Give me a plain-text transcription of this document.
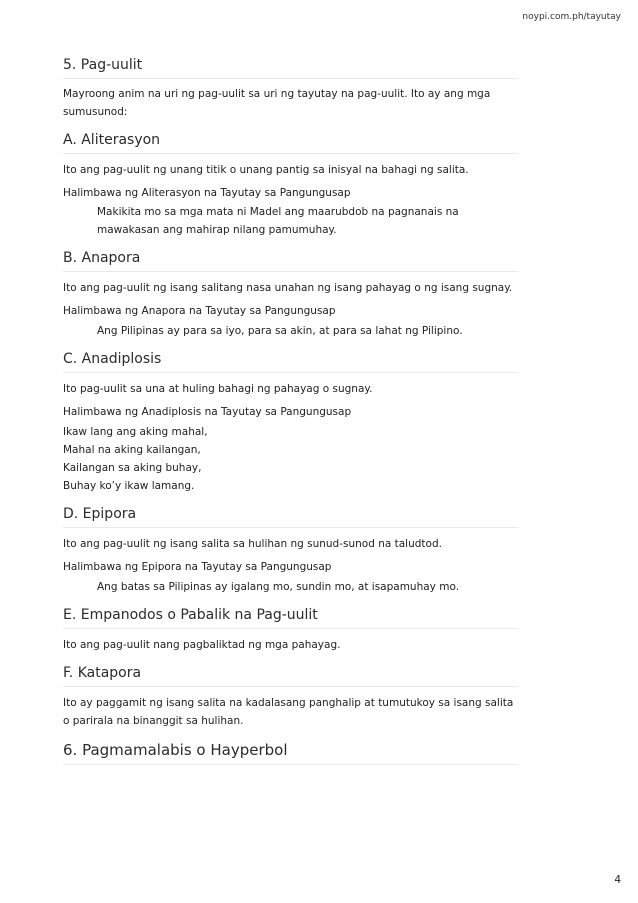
noypi.com.ph/tayutay
5. Pag-uulit

Mayroong anim na uri ng pag-uulit sa uri ng tayutay na pag-uulit. Ito ay ang mga sumusunod:

A. Aliterasyon

Ito ang pag-uulit ng unang titik o unang pantig sa inisyal na bahagi ng salita.

Halimbawa ng Aliterasyon na Tayutay sa Pangungusap

Makikita mo sa mga mata ni Madel ang maarubdob na pagnanais na mawakasan ang mahirap nilang pamumuhay.

B. Anapora

Ito ang pag-uulit ng isang salitang nasa unahan ng isang pahayag o ng isang sugnay.

Halimbawa ng Anapora na Tayutay sa Pangungusap

Ang Pilipinas ay para sa iyo, para sa akin, at para sa lahat ng Pilipino.

C. Anadiplosis

Ito pag-uulit sa una at huling bahagi ng pahayag o sugnay.

Halimbawa ng Anadiplosis na Tayutay sa Pangungusap

Ikaw lang ang aking mahal,

Mahal na aking kailangan,

Kailangan sa aking buhay,

Buhay ko’y ikaw lamang.

D. Epipora

Ito ang pag-uulit ng isang salita sa hulihan ng sunud-sunod na taludtod.

Halimbawa ng Epipora na Tayutay sa Pangungusap

Ang batas sa Pilipinas ay igalang mo, sundin mo, at isapamuhay mo.

E. Empanodos o Pabalik na Pag-uulit

Ito ang pag-uulit nang pagbaliktad ng mga pahayag.

F. Katapora

Ito ay paggamit ng isang salita na kadalasang panghalip at tumutukoy sa isang salita o parirala na binanggit sa hulihan.

6. Pagmamalabis o Hayperbol
4
